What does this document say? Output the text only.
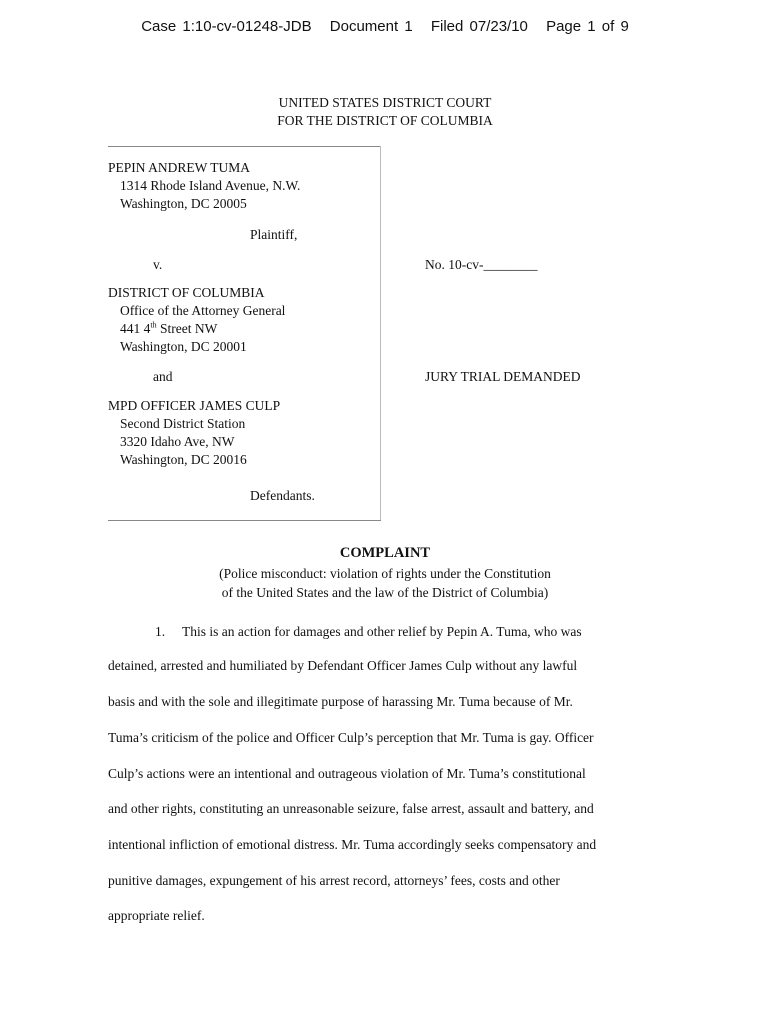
Case 1:10-cv-01248-JDB Document 1 Filed 07/23/10 Page 1 of 9
UNITED STATES DISTRICT COURT
FOR THE DISTRICT OF COLUMBIA
PEPIN ANDREW TUMA
1314 Rhode Island Avenue, N.W.
Washington, DC 20005
Plaintiff,
v.	No. 10-cv-________
DISTRICT OF COLUMBIA
Office of the Attorney General
441 4th Street NW
Washington, DC 20001
and	JURY TRIAL DEMANDED
MPD OFFICER JAMES CULP
Second District Station
3320 Idaho Ave, NW
Washington, DC 20016
Defendants.
COMPLAINT
(Police misconduct: violation of rights under the Constitution
of the United States and the law of the District of Columbia)
1. This is an action for damages and other relief by Pepin A. Tuma, who was
detained, arrested and humiliated by Defendant Officer James Culp without any lawful
basis and with the sole and illegitimate purpose of harassing Mr. Tuma because of Mr.
Tuma’s criticism of the police and Officer Culp’s perception that Mr. Tuma is gay. Officer
Culp’s actions were an intentional and outrageous violation of Mr. Tuma’s constitutional
and other rights, constituting an unreasonable seizure, false arrest, assault and battery, and
intentional infliction of emotional distress. Mr. Tuma accordingly seeks compensatory and
punitive damages, expungement of his arrest record, attorneys’ fees, costs and other
appropriate relief.
